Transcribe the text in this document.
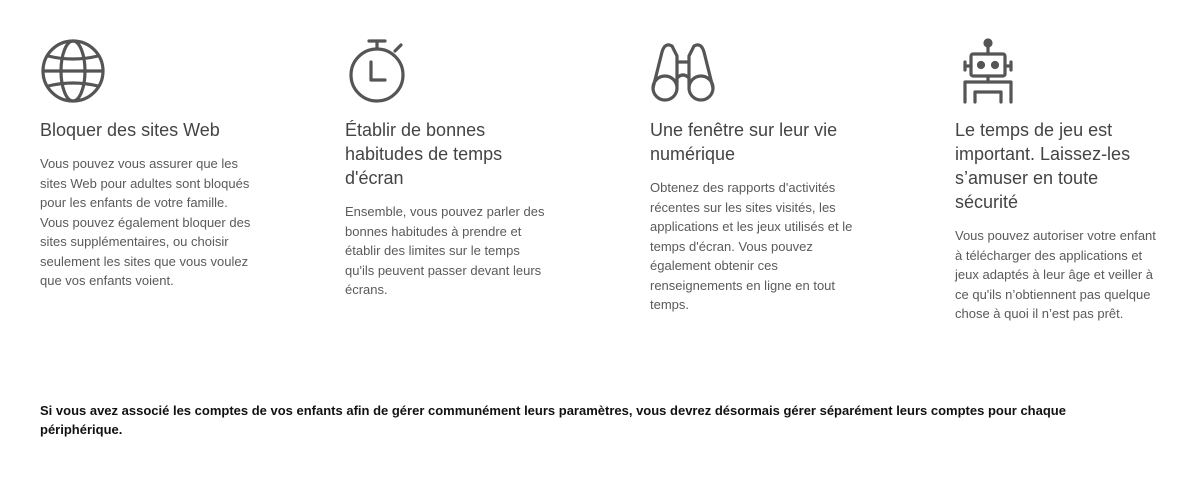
Bloquer des sites Web

Vous pouvez vous assurer que les sites Web pour adultes sont bloqués pour les enfants de votre famille. Vous pouvez également bloquer des sites supplémentaires, ou choisir seulement les sites que vous voulez que vos enfants voient.

Établir de bonnes habitudes de temps d'écran

Ensemble, vous pouvez parler des bonnes habitudes à prendre et établir des limites sur le temps qu'ils peuvent passer devant leurs écrans.

Une fenêtre sur leur vie numérique

Obtenez des rapports d'activités récentes sur les sites visités, les applications et les jeux utilisés et le temps d'écran. Vous pouvez également obtenir ces renseignements en ligne en tout temps.

Le temps de jeu est important. Laissez-les s’amuser en toute sécurité

Vous pouvez autoriser votre enfant à télécharger des applications et jeux adaptés à leur âge et veiller à ce qu'ils n’obtiennent pas quelque chose à quoi il n’est pas prêt.

Si vous avez associé les comptes de vos enfants afin de gérer communément leurs paramètres, vous devrez désormais gérer séparément leurs comptes pour chaque périphérique.
